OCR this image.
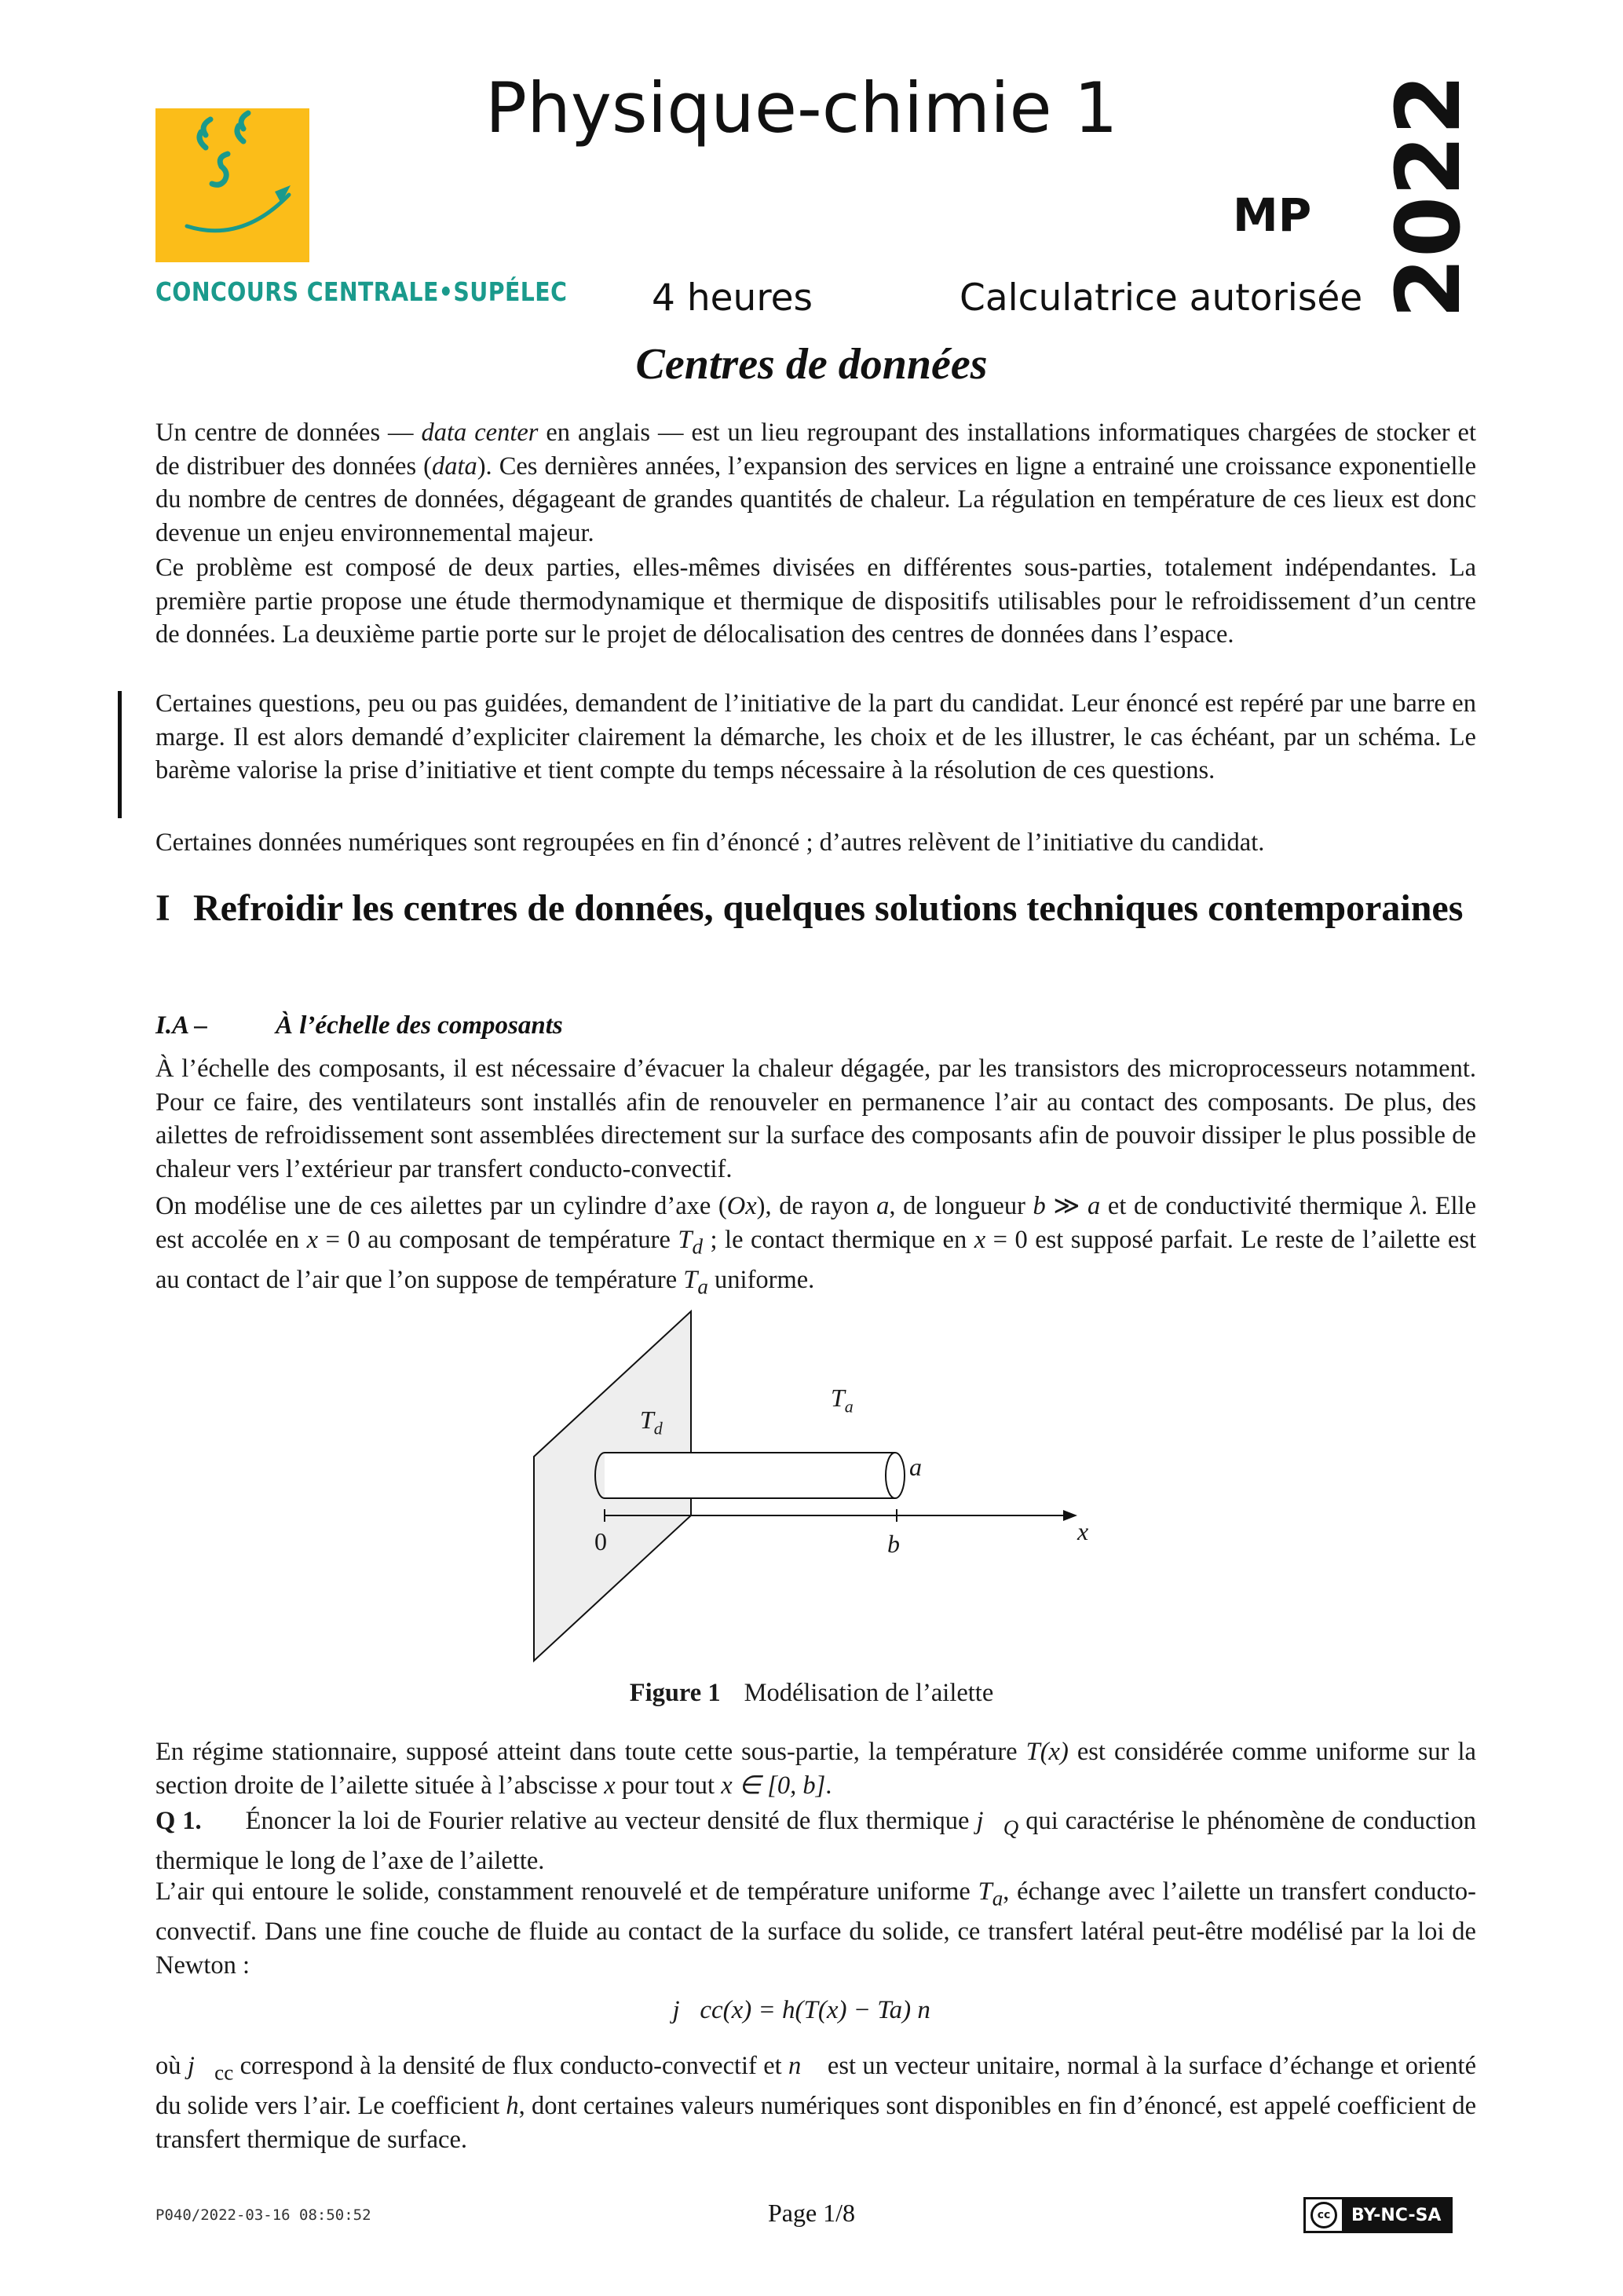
CONCOURS CENTRALE•SUPÉLEC
Physique-chimie 1
MP 2022
4 heures	Calculatrice autorisée
Centres de données
Un centre de données — data center en anglais — est un lieu regroupant des installations informatiques chargées de stocker et de distribuer des données (data). Ces dernières années, l’expansion des services en ligne a entrainé une croissance exponentielle du nombre de centres de données, dégageant de grandes quantités de chaleur. La régulation en température de ces lieux est donc devenue un enjeu environnemental majeur.
Ce problème est composé de deux parties, elles-mêmes divisées en différentes sous-parties, totalement indépendantes. La première partie propose une étude thermodynamique et thermique de dispositifs utilisables pour le refroidissement d’un centre de données. La deuxième partie porte sur le projet de délocalisation des centres de données dans l’espace.
Certaines questions, peu ou pas guidées, demandent de l’initiative de la part du candidat. Leur énoncé est repéré par une barre en marge. Il est alors demandé d’expliciter clairement la démarche, les choix et de les illustrer, le cas échéant, par un schéma. Le barème valorise la prise d’initiative et tient compte du temps nécessaire à la résolution de ces questions.
Certaines données numériques sont regroupées en fin d’énoncé ; d’autres relèvent de l’initiative du candidat.
I Refroidir les centres de données, quelques solutions techniques contemporaines
I.A –	À l’échelle des composants
À l’échelle des composants, il est nécessaire d’évacuer la chaleur dégagée, par les transistors des microprocesseurs notamment. Pour ce faire, des ventilateurs sont installés afin de renouveler en permanence l’air au contact des composants. De plus, des ailettes de refroidissement sont assemblées directement sur la surface des composants afin de pouvoir dissiper le plus possible de chaleur vers l’extérieur par transfert conducto-convectif.
On modélise une de ces ailettes par un cylindre d’axe (Ox), de rayon a, de longueur b ≫ a et de conductivité thermique λ. Elle est accolée en x = 0 au composant de température $T_d$ ; le contact thermique en x = 0 est supposé parfait. Le reste de l’ailette est au contact de l’air que l’on suppose de température $T_a$ uniforme.
$T_d$
$T_a$
a
0	b	x
Figure 1 Modélisation de l’ailette
En régime stationnaire, supposé atteint dans toute cette sous-partie, la température T(x) est considérée comme uniforme sur la section droite de l’ailette située à l’abscisse x pour tout x ∈ [0, b].
Q 1. Énoncer la loi de Fourier relative au vecteur densité de flux thermique $j⃗_Q$ qui caractérise le phénomène de conduction thermique le long de l’axe de l’ailette.
L’air qui entoure le solide, constamment renouvelé et de température uniforme $T_a$, échange avec l’ailette un transfert conducto-convectif. Dans une fine couche de fluide au contact de la surface du solide, ce transfert latéral peut-être modélisé par la loi de Newton :
j⃗cc(x) = h(T(x) − Ta) n⃗
où $j⃗_{cc}$ correspond à la densité de flux conducto-convectif et n⃗ est un vecteur unitaire, normal à la surface d’échange et orienté du solide vers l’air. Le coefficient h, dont certaines valeurs numériques sont disponibles en fin d’énoncé, est appelé coefficient de transfert thermique de surface.
P040/2022-03-16 08:50:52	Page 1/8	cc	BY-NC-SA
